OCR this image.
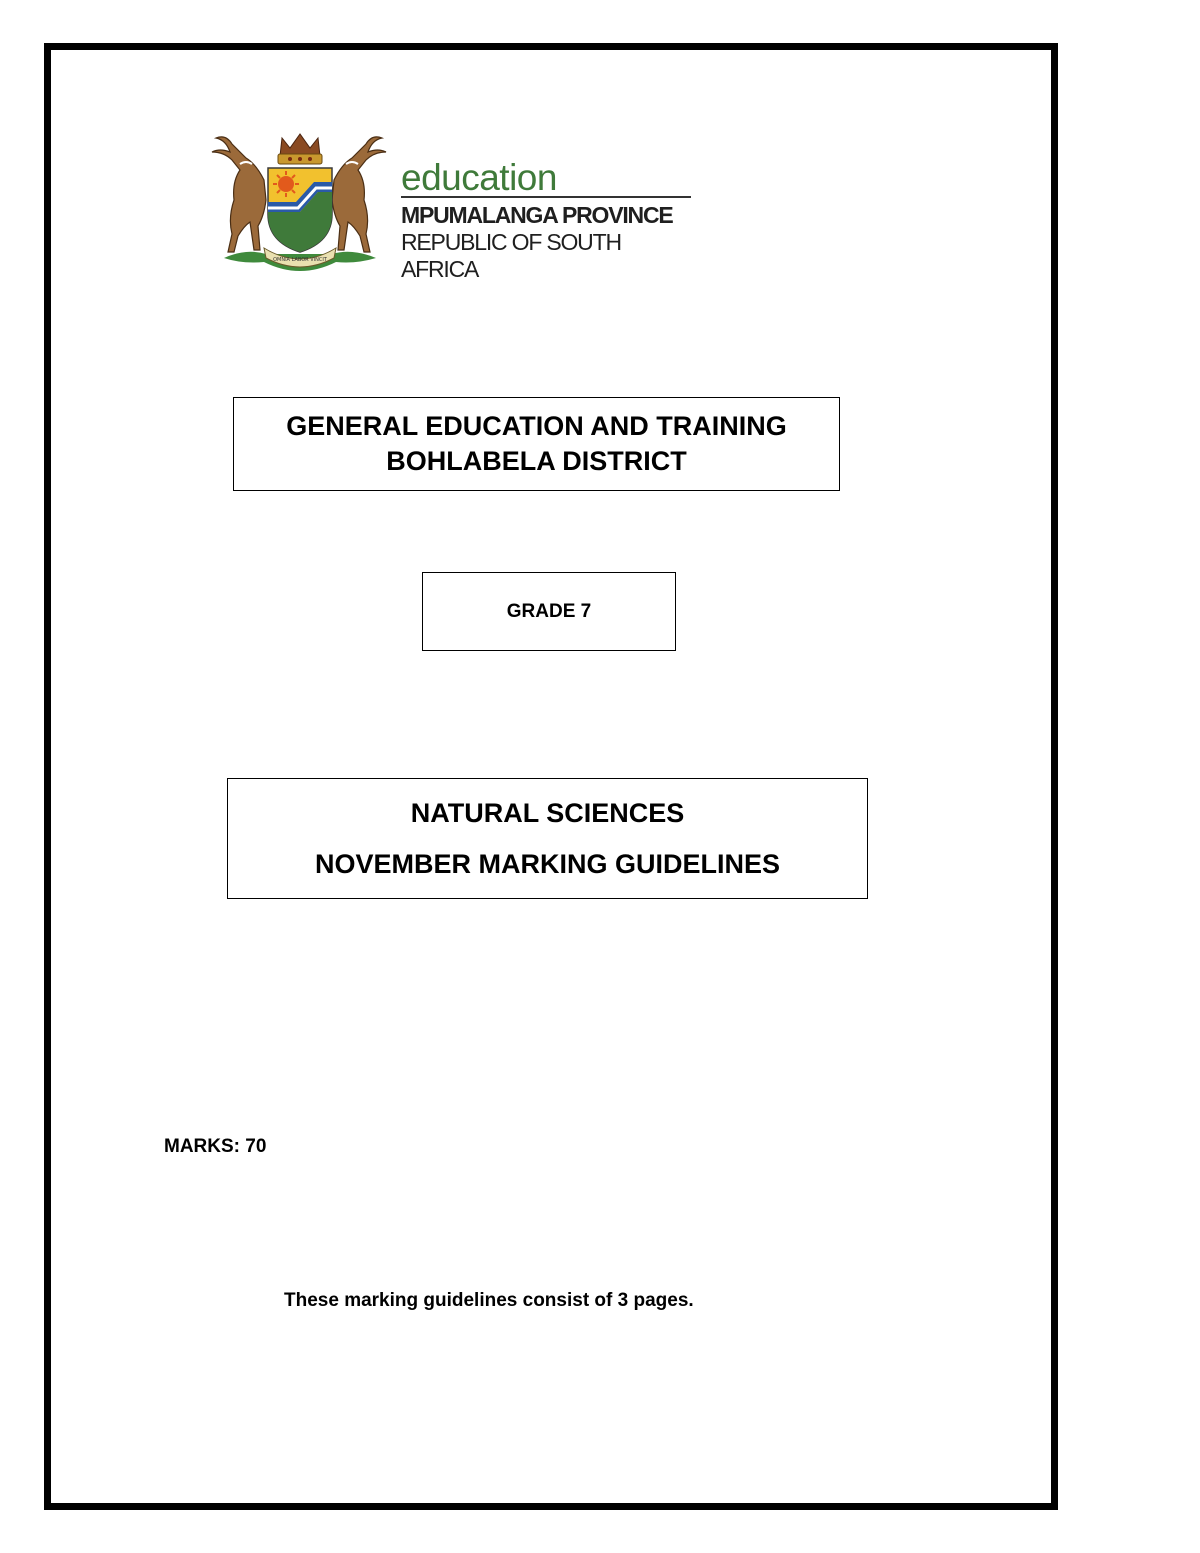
OMNIA LABOR VINCIT
education
MPUMALANGA PROVINCE
REPUBLIC OF SOUTH AFRICA
GENERAL EDUCATION AND TRAINING
BOHLABELA DISTRICT
GRADE 7
NATURAL SCIENCES
NOVEMBER MARKING GUIDELINES
MARKS: 70
These marking guidelines consist of 3 pages.
